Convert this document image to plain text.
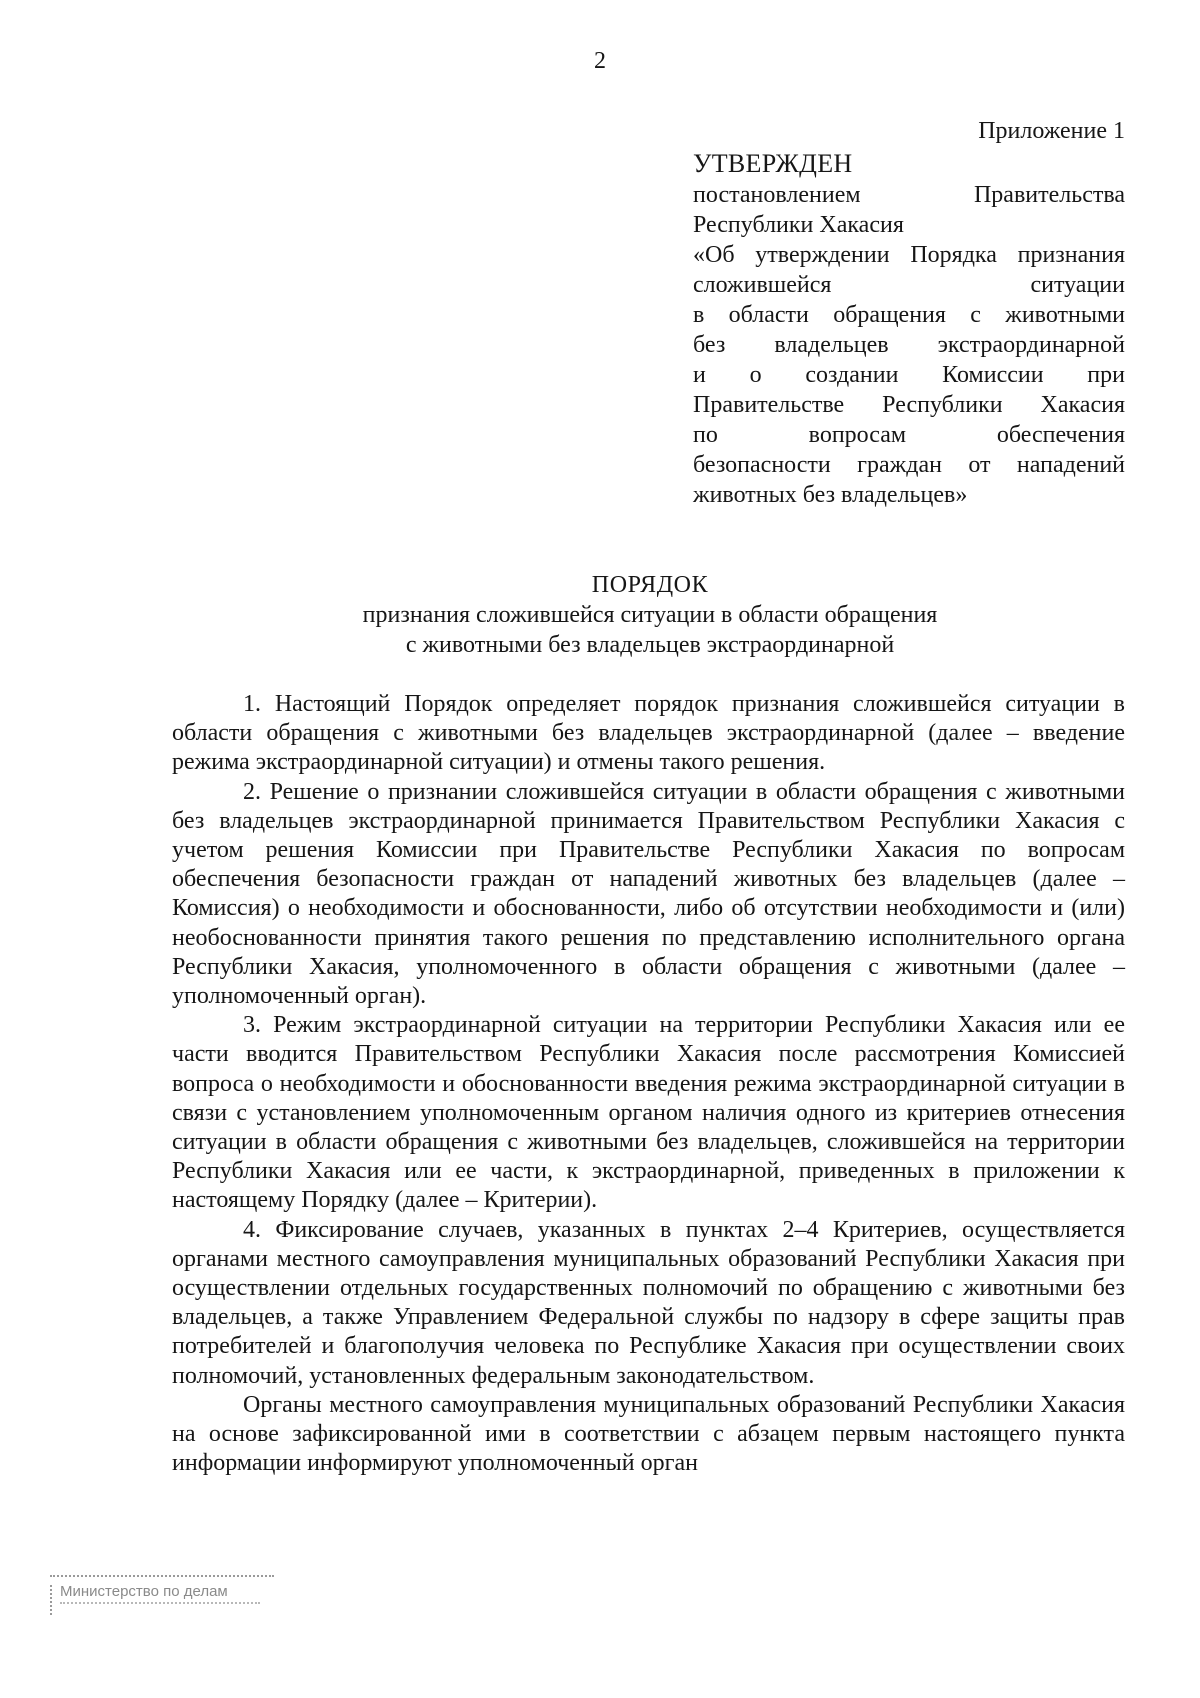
2
Приложение 1
УТВЕРЖДЕН
постановлением Правительства
Республики Хакасия
«Об утверждении Порядка признания
сложившейся ситуации
в области обращения с животными
без владельцев экстраординарной
и о создании Комиссии при
Правительстве Республики Хакасия
по вопросам обеспечения
безопасности граждан от нападений
животных без владельцев»
ПОРЯДОК
признания сложившейся ситуации в области обращения
с животными без владельцев экстраординарной

1. Настоящий Порядок определяет порядок признания сложившейся ситуации в области обращения с животными без владельцев экстраординарной (далее – введение режима экстраординарной ситуации) и отмены такого решения.

2. Решение о признании сложившейся ситуации в области обращения с животными без владельцев экстраординарной принимается Правительством Республики Хакасия с учетом решения Комиссии при Правительстве Республики Хакасия по вопросам обеспечения безопасности граждан от нападений животных без владельцев (далее – Комиссия) о необходимости и обоснованности, либо об отсутствии необходимости и (или) необоснованности принятия такого решения по представлению исполнительного органа Республики Хакасия, уполномоченного в области обращения с животными (далее – уполномоченный орган).

3. Режим экстраординарной ситуации на территории Республики Хакасия или ее части вводится Правительством Республики Хакасия после рассмотрения Комиссией вопроса о необходимости и обоснованности введения режима экстраординарной ситуации в связи с установлением уполномоченным органом наличия одного из критериев отнесения ситуации в области обращения с животными без владельцев, сложившейся на территории Республики Хакасия или ее части, к экстраординарной, приведенных в приложении к настоящему Порядку (далее – Критерии).

4. Фиксирование случаев, указанных в пунктах 2–4 Критериев, осуществляется органами местного самоуправления муниципальных образований Республики Хакасия при осуществлении отдельных государственных полномочий по обращению с животными без владельцев, а также Управлением Федеральной службы по надзору в сфере защиты прав потребителей и благополучия человека по Республике Хакасия при осуществлении своих полномочий, установленных федеральным законодательством.

Органы местного самоуправления муниципальных образований Республики Хакасия на основе зафиксированной ими в соответствии с абзацем первым настоящего пункта информации информируют уполномоченный орган

Министерство по делам
